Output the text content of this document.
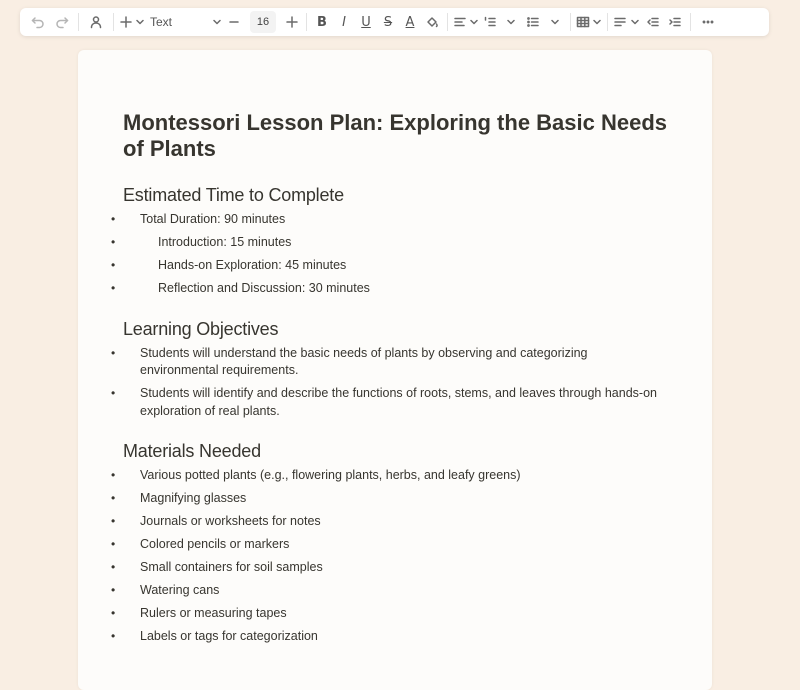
Text	16	B	I	U	S	A
Montessori Lesson Plan: Exploring the Basic Needs of Plants
Estimated Time to Complete
• Total Duration: 90 minutes
• Introduction: 15 minutes
• Hands-on Exploration: 45 minutes
• Reflection and Discussion: 30 minutes
Learning Objectives
• Students will understand the basic needs of plants by observing and categorizing environmental requirements.
• Students will identify and describe the functions of roots, stems, and leaves through hands-on exploration of real plants.
Materials Needed
• Various potted plants (e.g., flowering plants, herbs, and leafy greens)
• Magnifying glasses
• Journals or worksheets for notes
• Colored pencils or markers
• Small containers for soil samples
• Watering cans
• Rulers or measuring tapes
• Labels or tags for categorization
